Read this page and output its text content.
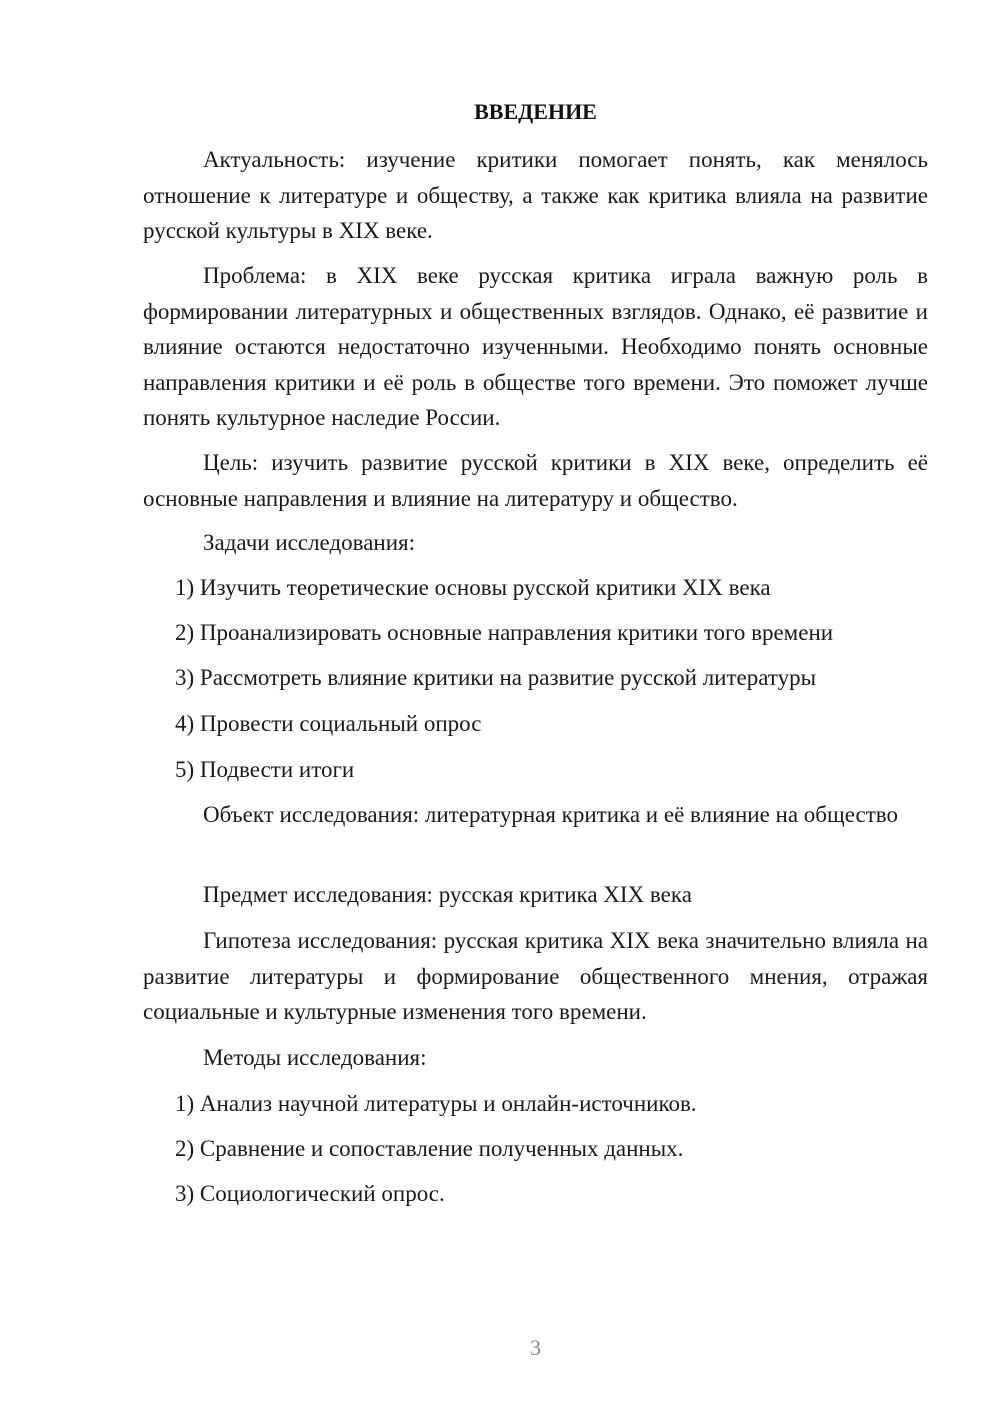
ВВЕДЕНИЕ

Актуальность: изучение критики помогает понять, как менялось отношение к литературе и обществу, а также как критика влияла на развитие русской культуры в XIX веке.

Проблема: в XIX веке русская критика играла важную роль в формировании литературных и общественных взглядов. Однако, её развитие и влияние остаются недостаточно изученными. Необходимо понять основные направления критики и её роль в обществе того времени. Это поможет лучше понять культурное наследие России.

Цель: изучить развитие русской критики в XIX веке, определить её основные направления и влияние на литературу и общество.

Задачи исследования:

1) Изучить теоретические основы русской критики XIX века

2) Проанализировать основные направления критики того времени

3) Рассмотреть влияние критики на развитие русской литературы

4) Провести социальный опрос

5) Подвести итоги

Объект исследования: литературная критика и её влияние на общество

Предмет исследования: русская критика XIX века

Гипотеза исследования: русская критика XIX века значительно влияла на развитие литературы и формирование общественного мнения, отражая социальные и культурные изменения того времени.

Методы исследования:

1) Анализ научной литературы и онлайн-источников.

2) Сравнение и сопоставление полученных данных.

3) Социологический опрос.

3
